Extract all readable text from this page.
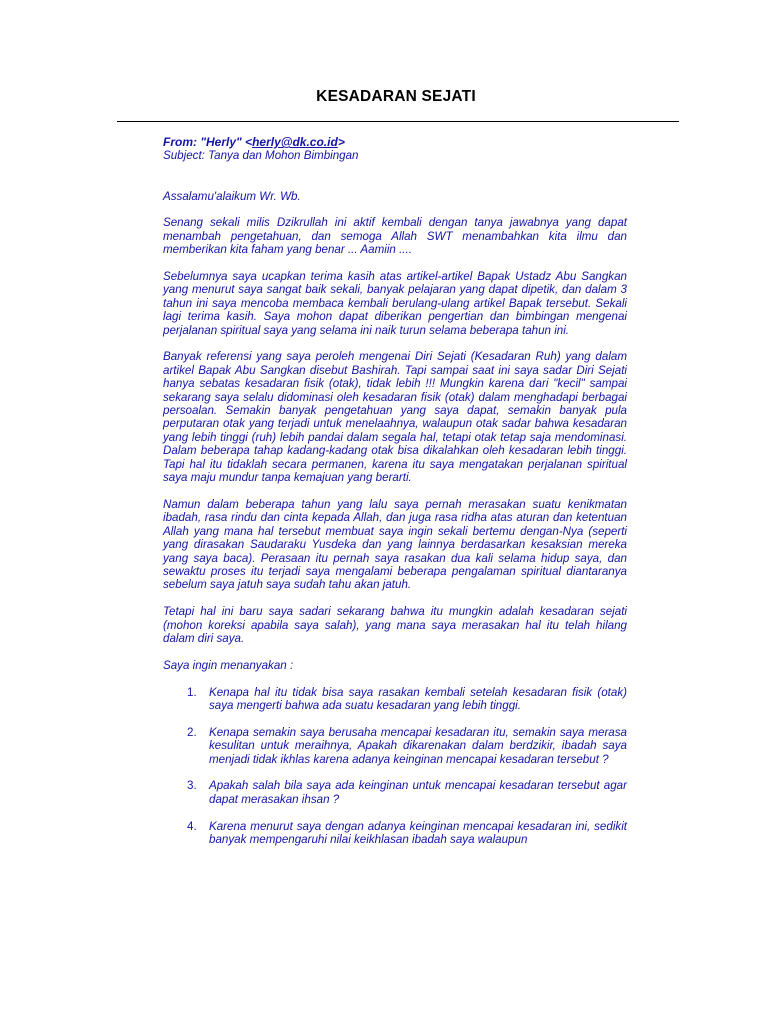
KESADARAN SEJATI
From: "Herly" <herly@dk.co.id>
Subject: Tanya dan Mohon Bimbingan

Assalamu'alaikum Wr. Wb.

Senang sekali milis Dzikrullah ini aktif kembali dengan tanya jawabnya yang dapat menambah pengetahuan, dan semoga Allah SWT menambahkan kita ilmu dan memberikan kita faham yang benar ... Aamiin ....

Sebelumnya saya ucapkan terima kasih atas artikel-artikel Bapak Ustadz Abu Sangkan yang menurut saya sangat baik sekali, banyak pelajaran yang dapat dipetik, dan dalam 3 tahun ini saya mencoba membaca kembali berulang-ulang artikel Bapak tersebut. Sekali lagi terima kasih. Saya mohon dapat diberikan pengertian dan bimbingan mengenai perjalanan spiritual saya yang selama ini naik turun selama beberapa tahun ini.

Banyak referensi yang saya peroleh mengenai Diri Sejati (Kesadaran Ruh) yang dalam artikel Bapak Abu Sangkan disebut Bashirah. Tapi sampai saat ini saya sadar Diri Sejati hanya sebatas kesadaran fisik (otak), tidak lebih !!! Mungkin karena dari "kecil" sampai sekarang saya selalu didominasi oleh kesadaran fisik (otak) dalam menghadapi berbagai persoalan. Semakin banyak pengetahuan yang saya dapat, semakin banyak pula perputaran otak yang terjadi untuk menelaahnya, walaupun otak sadar bahwa kesadaran yang lebih tinggi (ruh) lebih pandai dalam segala hal, tetapi otak tetap saja mendominasi. Dalam beberapa tahap kadang-kadang otak bisa dikalahkan oleh kesadaran lebih tinggi. Tapi hal itu tidaklah secara permanen, karena itu saya mengatakan perjalanan spiritual saya maju mundur tanpa kemajuan yang berarti.

Namun dalam beberapa tahun yang lalu saya pernah merasakan suatu kenikmatan ibadah, rasa rindu dan cinta kepada Allah, dan juga rasa ridha atas aturan dan ketentuan Allah yang mana hal tersebut membuat saya ingin sekali bertemu dengan-Nya (seperti yang dirasakan Saudaraku Yusdeka dan yang lainnya berdasarkan kesaksian mereka yang saya baca). Perasaan itu pernah saya rasakan dua kali selama hidup saya, dan sewaktu proses itu terjadi saya mengalami beberapa pengalaman spiritual diantaranya sebelum saya jatuh saya sudah tahu akan jatuh.

Tetapi hal ini baru saya sadari sekarang bahwa itu mungkin adalah kesadaran sejati (mohon koreksi apabila saya salah), yang mana saya merasakan hal itu telah hilang dalam diri saya.

Saya ingin menanyakan :

1. Kenapa hal itu tidak bisa saya rasakan kembali setelah kesadaran fisik (otak) saya mengerti bahwa ada suatu kesadaran yang lebih tinggi.
2. Kenapa semakin saya berusaha mencapai kesadaran itu, semakin saya merasa kesulitan untuk meraihnya, Apakah dikarenakan dalam berdzikir, ibadah saya menjadi tidak ikhlas karena adanya keinginan mencapai kesadaran tersebut ?
3. Apakah salah bila saya ada keinginan untuk mencapai kesadaran tersebut agar dapat merasakan ihsan ?
4. Karena menurut saya dengan adanya keinginan mencapai kesadaran ini, sedikit banyak mempengaruhi nilai keikhlasan ibadah saya walaupun
